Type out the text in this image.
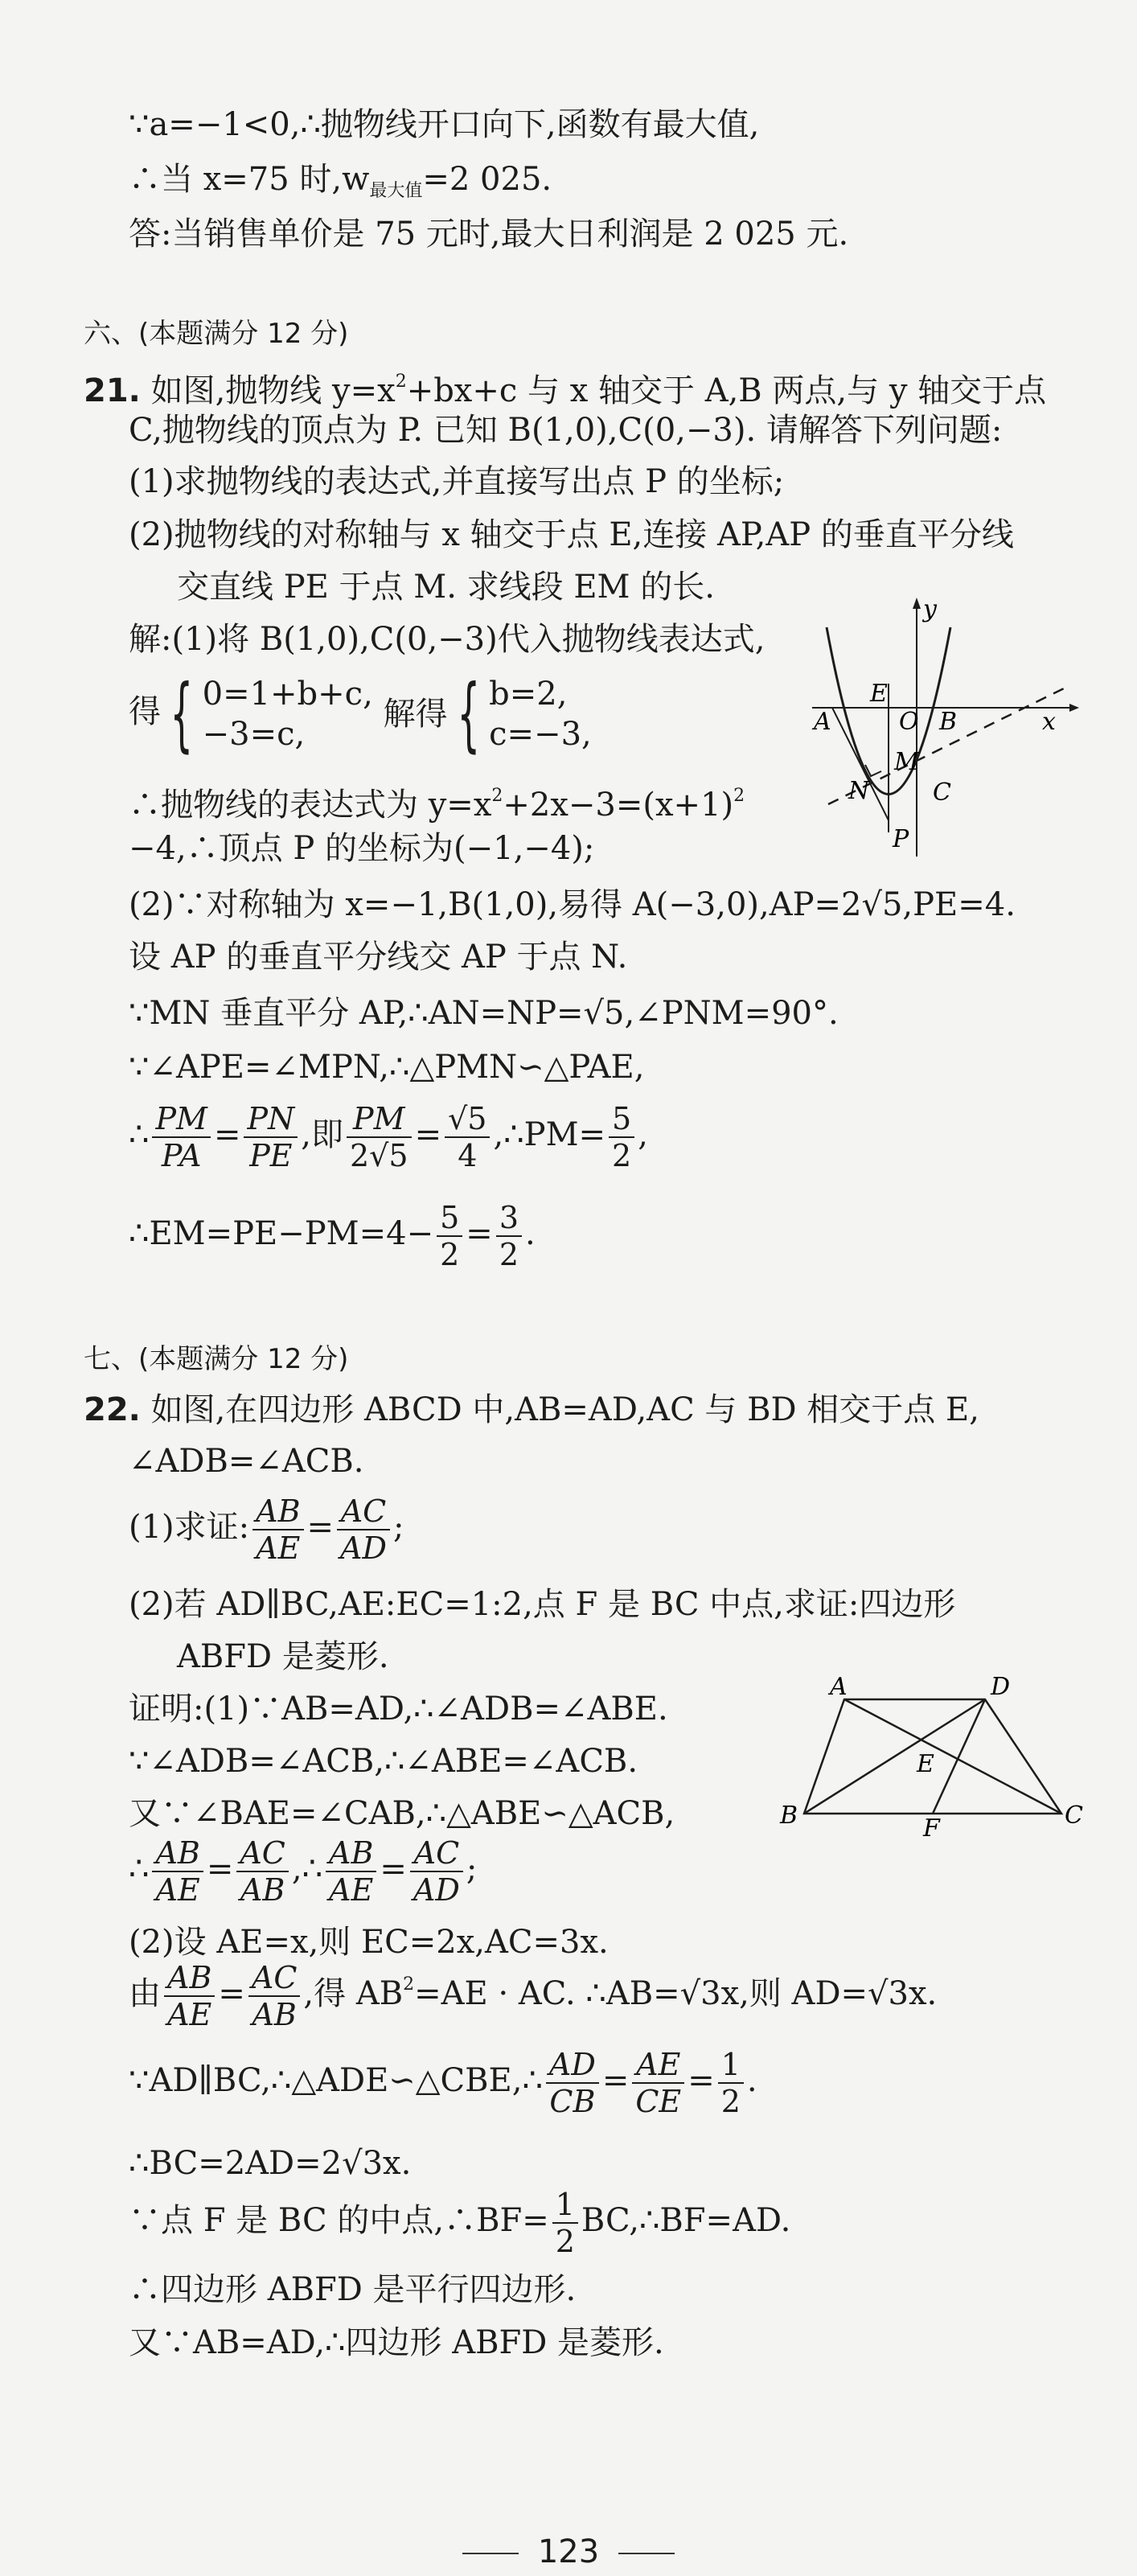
∵a=−1<0,∴抛物线开口向下,函数有最大值,
∴当 x=75 时$,w_{最大值}=2$ 025.
答:当销售单价是 75 元时,最大日利润是 2 025 元.
六、(本题满分 12 分)
21. 如图,抛物线 $y=x^2+bx+c$ 与 x 轴交于 A,B 两点,与 y 轴交于点
C,抛物线的顶点为 P. 已知 B(1,0),C(0,−3). 请解答下列问题:
(1)求抛物线的表达式,并直接写出点 P 的坐标;
(2)抛物线的对称轴与 x 轴交于点 E,连接 AP,AP 的垂直平分线
交直线 PE 于点 M. 求线段 EM 的长.
解:(1)将 B(1,0),C(0,−3)代入抛物线表达式,
得 { 0=1+b+c,
−3=c,
解得 { b=2,
c=−3,
∴抛物线的表达式为 $y=x^2+2x-3=(x+1)^2$
−4,∴顶点 P 的坐标为(−1,−4);
(2)∵对称轴为 x=−1,B(1,0),易得 A(−3,0),AP=2√5,PE=4.
设 AP 的垂直平分线交 AP 于点 N.
∵MN 垂直平分 AP,∴AN=NP=√5,∠PNM=90°.
∵∠APE=∠MPN,∴△PMN∽△PAE,
∴ $\frac{PM}{PA} = \frac{PN}{PE}$ ,即 $\frac{PM}{2√5} = \frac{√5}{4}$ ,∴PM= $\frac{5}{2}$ ,
∴EM=PE−PM=4− $\frac{5}{2} = \frac{3}{2}$ .
y
E
O B	x
A
M
N	C
P
七、(本题满分 12 分)
22. 如图,在四边形 ABCD 中,AB=AD,AC 与 BD 相交于点 E,
∠ADB=∠ACB.
(1)求证: $\frac{AB}{AE} = \frac{AC}{AD}$ ;
(2)若 AD∥BC,AE:EC=1:2,点 F 是 BC 中点,求证:四边形
ABFD 是菱形.
证明:(1)∵AB=AD,∴∠ADB=∠ABE.
∵∠ADB=∠ACB,∴∠ABE=∠ACB.
又∵∠BAE=∠CAB,∴△ABE∽△ACB,
∴ $\frac{AB}{AE} = \frac{AC}{AB}$ ,∴ $\frac{AB}{AE} = \frac{AC}{AD}$ ;
(2)设 AE=x,则 EC=2x,AC=3x.
由 $\frac{AB}{AE} = \frac{AC}{AB}$ ,得 $AB^2=AE$ · AC. ∴AB=√3x,则 AD=√3x.
∵AD∥BC,∴△ADE∽△CBE,∴ $\frac{AD}{CB} = \frac{AE}{CE} = \frac{1}{2}$ .
∴BC=2AD=2√3x.
∵点 F 是 BC 的中点,∴BF= $\frac{1}{2}$ BC,∴BF=AD.
∴四边形 ABFD 是平行四边形.
又∵AB=AD,∴四边形 ABFD 是菱形.
A	D
E
B	F	C
123
